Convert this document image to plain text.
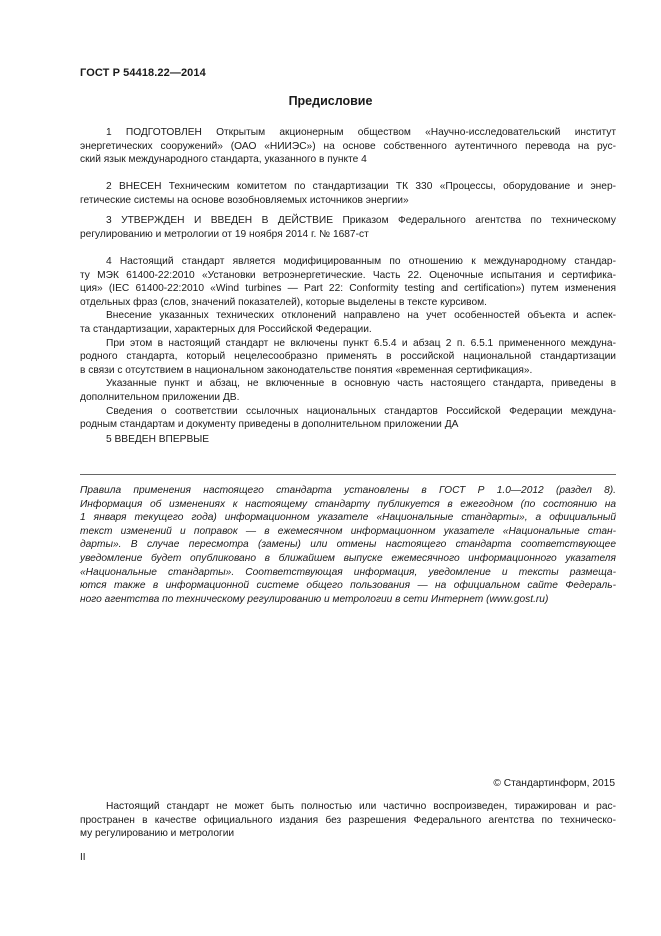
ГОСТ Р 54418.22—2014
Предисловие
1 ПОДГОТОВЛЕН Открытым акционерным обществом «Научно-исследовательский институт
энергетических сооружений» (ОАО «НИИЭС») на основе собственного аутентичного перевода на рус-
ский язык международного стандарта, указанного в пункте 4
2 ВНЕСЕН Техническим комитетом по стандартизации ТК 330 «Процессы, оборудование и энер-
гетические системы на основе возобновляемых источников энергии»
3 УТВЕРЖДЕН И ВВЕДЕН В ДЕЙСТВИЕ Приказом Федерального агентства по техническому
регулированию и метрологии от 19 ноября 2014 г. № 1687-ст
4 Настоящий стандарт является модифицированным по отношению к международному стандар-
ту МЭК 61400-22:2010 «Установки ветроэнергетические. Часть 22. Оценочные испытания и сертифика-
ция» (IEC 61400-22:2010 «Wind turbines — Part 22: Conformity testing and certification») путем изменения
отдельных фраз (слов, значений показателей), которые выделены в тексте курсивом.
Внесение указанных технических отклонений направлено на учет особенностей объекта и аспек-
та стандартизации, характерных для Российской Федерации.
При этом в настоящий стандарт не включены пункт 6.5.4 и абзац 2 п. 6.5.1 примененного междуна-
родного стандарта, который нецелесообразно применять в российской национальной стандартизации
в связи с отсутствием в национальном законодательстве понятия «временная сертификация».
Указанные пункт и абзац, не включенные в основную часть настоящего стандарта, приведены в
дополнительном приложении ДВ.
Сведения о соответствии ссылочных национальных стандартов Российской Федерации междуна-
родным стандартам и документу приведены в дополнительном приложении ДА
5 ВВЕДЕН ВПЕРВЫЕ
Правила применения настоящего стандарта установлены в ГОСТ Р 1.0—2012 (раздел 8).
Информация об изменениях к настоящему стандарту публикуется в ежегодном (по состоянию на
1 января текущего года) информационном указателе «Национальные стандарты», а официальный
текст изменений и поправок — в ежемесячном информационном указателе «Национальные стан-
дарты». В случае пересмотра (замены) или отмены настоящего стандарта соответствующее
уведомление будет опубликовано в ближайшем выпуске ежемесячного информационного указателя
«Национальные стандарты». Соответствующая информация, уведомление и тексты размеща-
ются также в информационной системе общего пользования — на официальном сайте Федераль-
ного агентства по техническому регулированию и метрологии в сети Интернет (www.gost.ru)
© Стандартинформ, 2015
Настоящий стандарт не может быть полностью или частично воспроизведен, тиражирован и рас-
пространен в качестве официального издания без разрешения Федерального агентства по техническо-
му регулированию и метрологии
II
